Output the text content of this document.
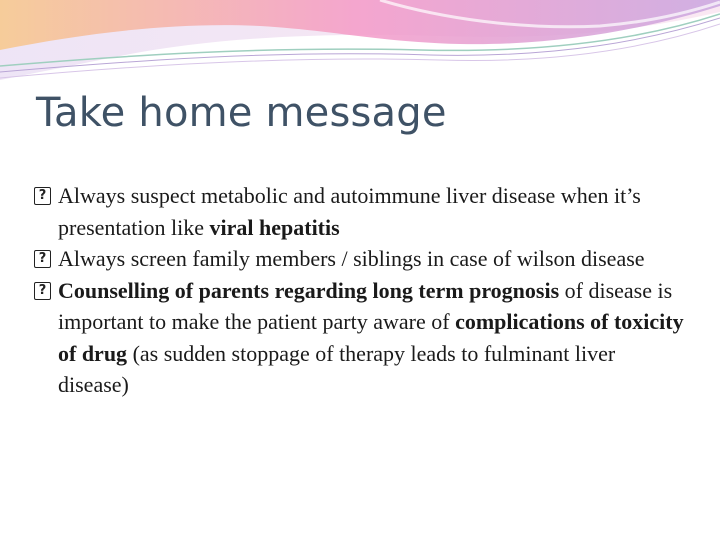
Take home message
? Always suspect metabolic and autoimmune liver disease when it’s presentation like viral hepatitis
? Always screen family members / siblings in case of wilson disease
? Counselling of parents regarding long term prognosis of disease is important to make the patient party aware of complications of toxicity of drug (as sudden stoppage of therapy leads to fulminant liver disease)
